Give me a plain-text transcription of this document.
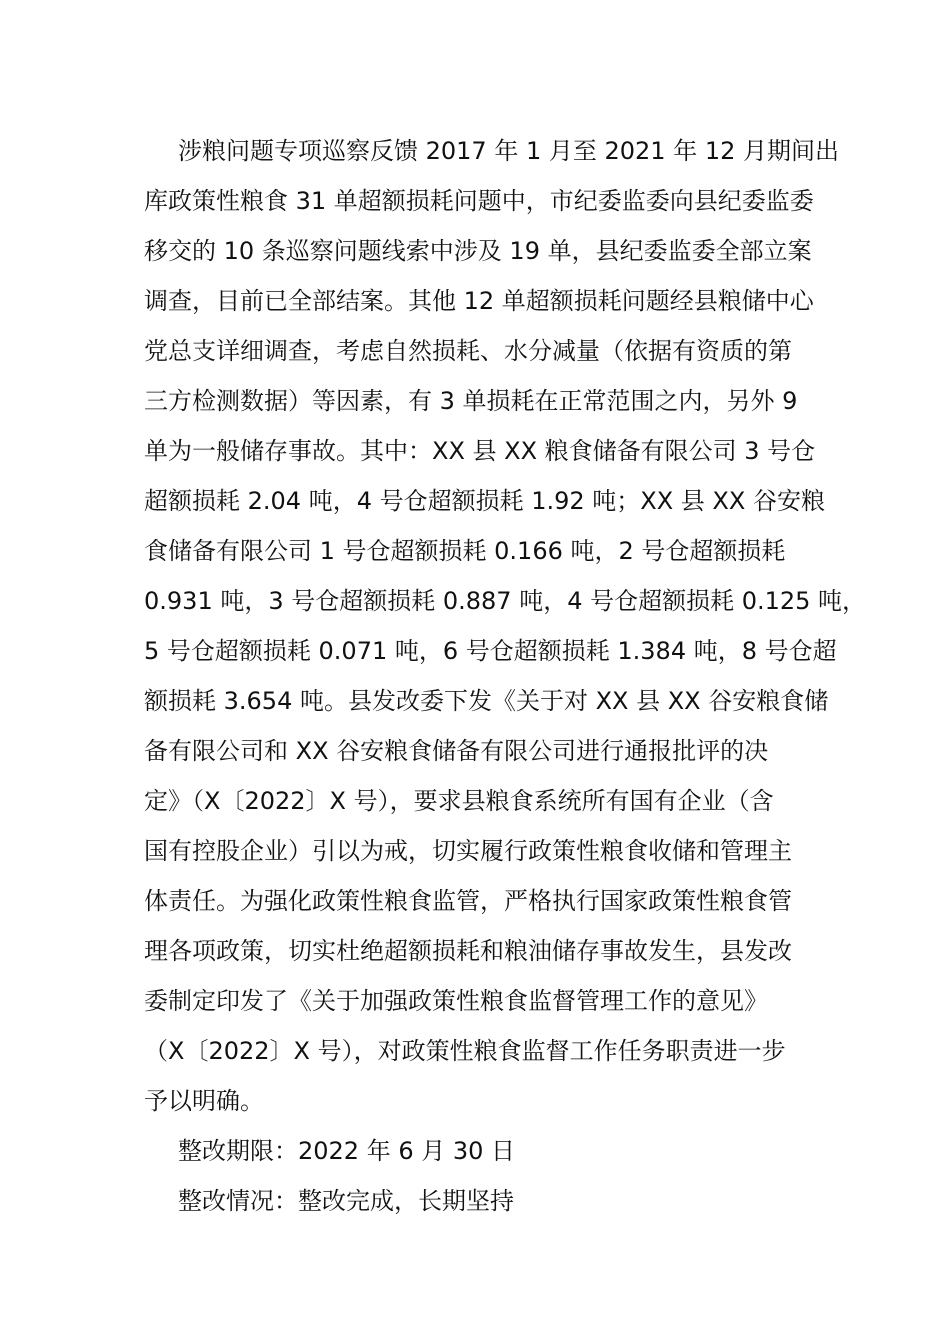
涉粮问题专项巡察反馈 2017 年 1 月至 2021 年 12 月期间出
库政策性粮食 31 单超额损耗问题中，市纪委监委向县纪委监委
移交的 10 条巡察问题线索中涉及 19 单，县纪委监委全部立案
调查，目前已全部结案。其他 12 单超额损耗问题经县粮储中心
党总支详细调查，考虑自然损耗、水分减量（依据有资质的第
三方检测数据）等因素，有 3 单损耗在正常范围之内，另外 9
单为一般储存事故。其中：XX 县 XX 粮食储备有限公司 3 号仓
超额损耗 2.04 吨，4 号仓超额损耗 1.92 吨；XX 县 XX 谷安粮
食储备有限公司 1 号仓超额损耗 0.166 吨，2 号仓超额损耗
0.931 吨，3 号仓超额损耗 0.887 吨，4 号仓超额损耗 0.125 吨，
5 号仓超额损耗 0.071 吨，6 号仓超额损耗 1.384 吨，8 号仓超
额损耗 3.654 吨。县发改委下发《关于对 XX 县 XX 谷安粮食储
备有限公司和 XX 谷安粮食储备有限公司进行通报批评的决
定》（X〔2022〕X 号），要求县粮食系统所有国有企业（含
国有控股企业）引以为戒，切实履行政策性粮食收储和管理主
体责任。为强化政策性粮食监管，严格执行国家政策性粮食管
理各项政策，切实杜绝超额损耗和粮油储存事故发生，县发改
委制定印发了《关于加强政策性粮食监督管理工作的意见》
（X〔2022〕X 号），对政策性粮食监督工作任务职责进一步
予以明确。
整改期限：2022 年 6 月 30 日
整改情况：整改完成，长期坚持
